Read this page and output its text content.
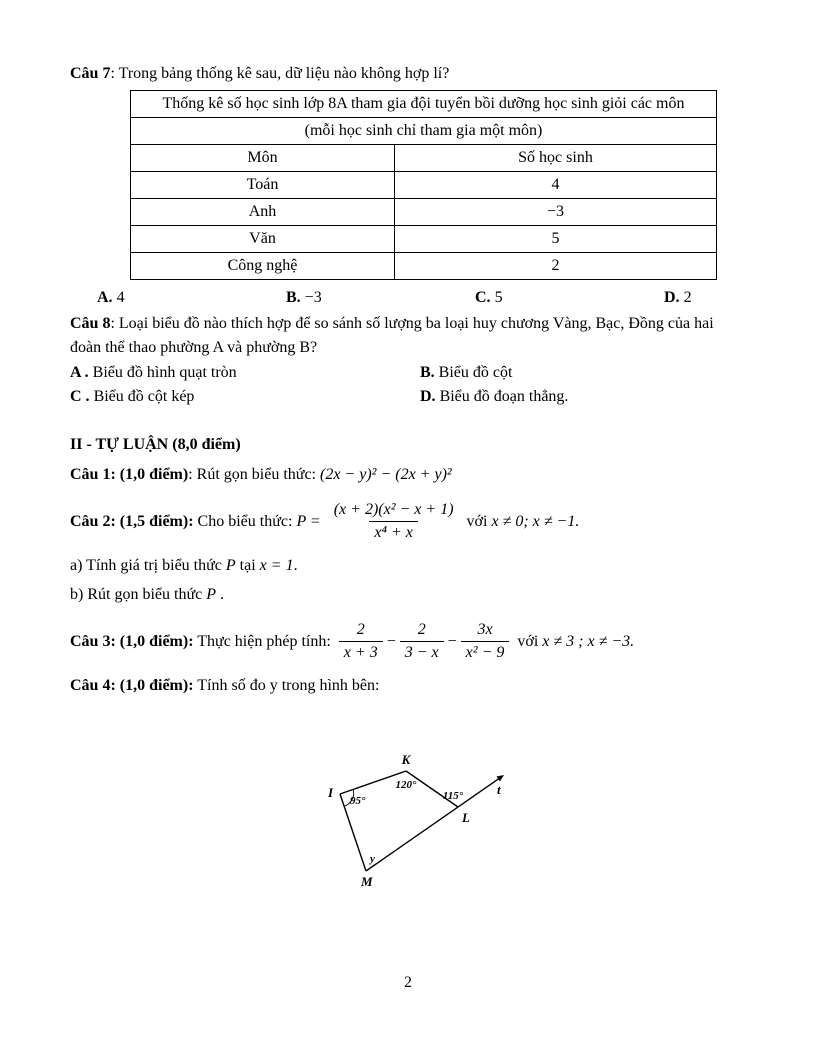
Câu 7: Trong bảng thống kê sau, dữ liệu nào không hợp lí?

Thống kê số học sinh lớp 8A tham gia đội tuyển bồi dưỡng học sinh giỏi các môn	
(mỗi học sinh chỉ tham gia một môn)	
Môn	Số học sinh
Toán	4
Anh	−3
Văn	5
Công nghệ	2
A. 4	B. −3	C. 5	D. 2

Câu 8: Loại biểu đồ nào thích hợp để so sánh số lượng ba loại huy chương Vàng, Bạc, Đồng của hai đoàn thể thao phường A và phường B?

A . Biểu đồ hình quạt tròn	B. Biểu đồ cột
C . Biểu đồ cột kép	D. Biểu đồ đoạn thẳng.

II - TỰ LUẬN (8,0 điểm)

Câu 1: (1,0 điểm): Rút gọn biểu thức: (2x − y)² − (2x + y)²

Câu 2: (1,5 điểm): Cho biểu thức: $P = \frac{\text{(x + 2)(x² − x + 1)}}{\text{x⁴ + x}}$ với x ≠ 0; x ≠ −1.

a) Tính giá trị biểu thức P tại x = 1.

b) Rút gọn biểu thức P .

Câu 3: (1,0 điểm): Thực hiện phép tính: $\frac{2}{x + 3} - \frac{2}{3 - x} - \frac{3x}{\text{x² − 9}}$ với x ≠ 3 ; x ≠ −3.

Câu 4: (1,0 điểm): Tính số đo y trong hình bên:

K
I
L
M
t
120°
95°	115°
y
2
